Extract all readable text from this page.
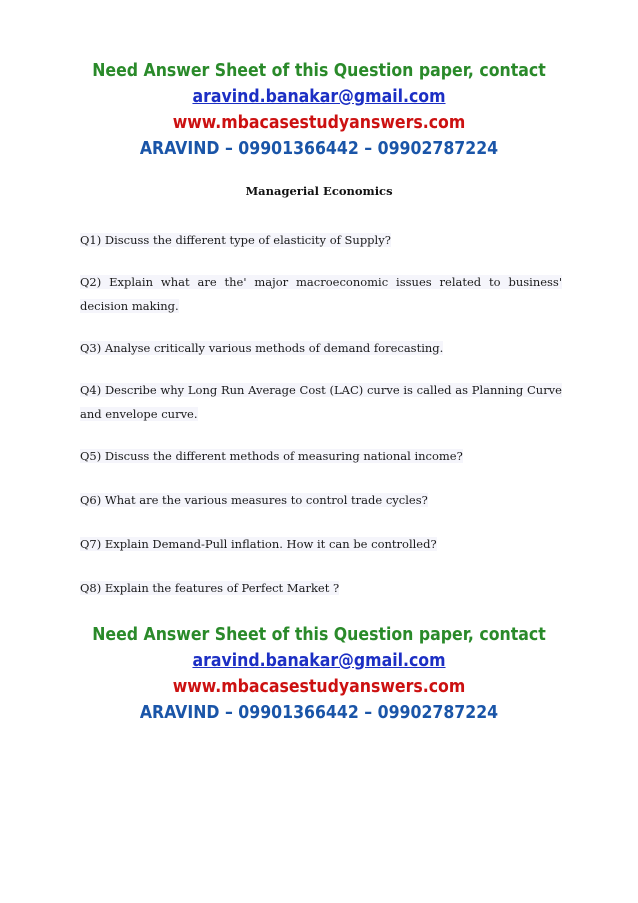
Need Answer Sheet of this Question paper, contact
aravind.banakar@gmail.com
www.mbacasestudyanswers.com
ARAVIND – 09901366442 – 09902787224
Managerial Economics
Q1) Discuss the different type of elasticity of Supply?
Q2) Explain what are the' major macroeconomic issues related to business' decision making.
Q3) Analyse critically various methods of demand forecasting.
Q4) Describe why Long Run Average Cost (LAC) curve is called as Planning Curve and envelope curve.
Q5) Discuss the different methods of measuring national income?
Q6) What are the various measures to control trade cycles?
Q7) Explain Demand-Pull inflation. How it can be controlled?
Q8) Explain the features of Perfect Market ?
Need Answer Sheet of this Question paper, contact
aravind.banakar@gmail.com
www.mbacasestudyanswers.com
ARAVIND – 09901366442 – 09902787224
